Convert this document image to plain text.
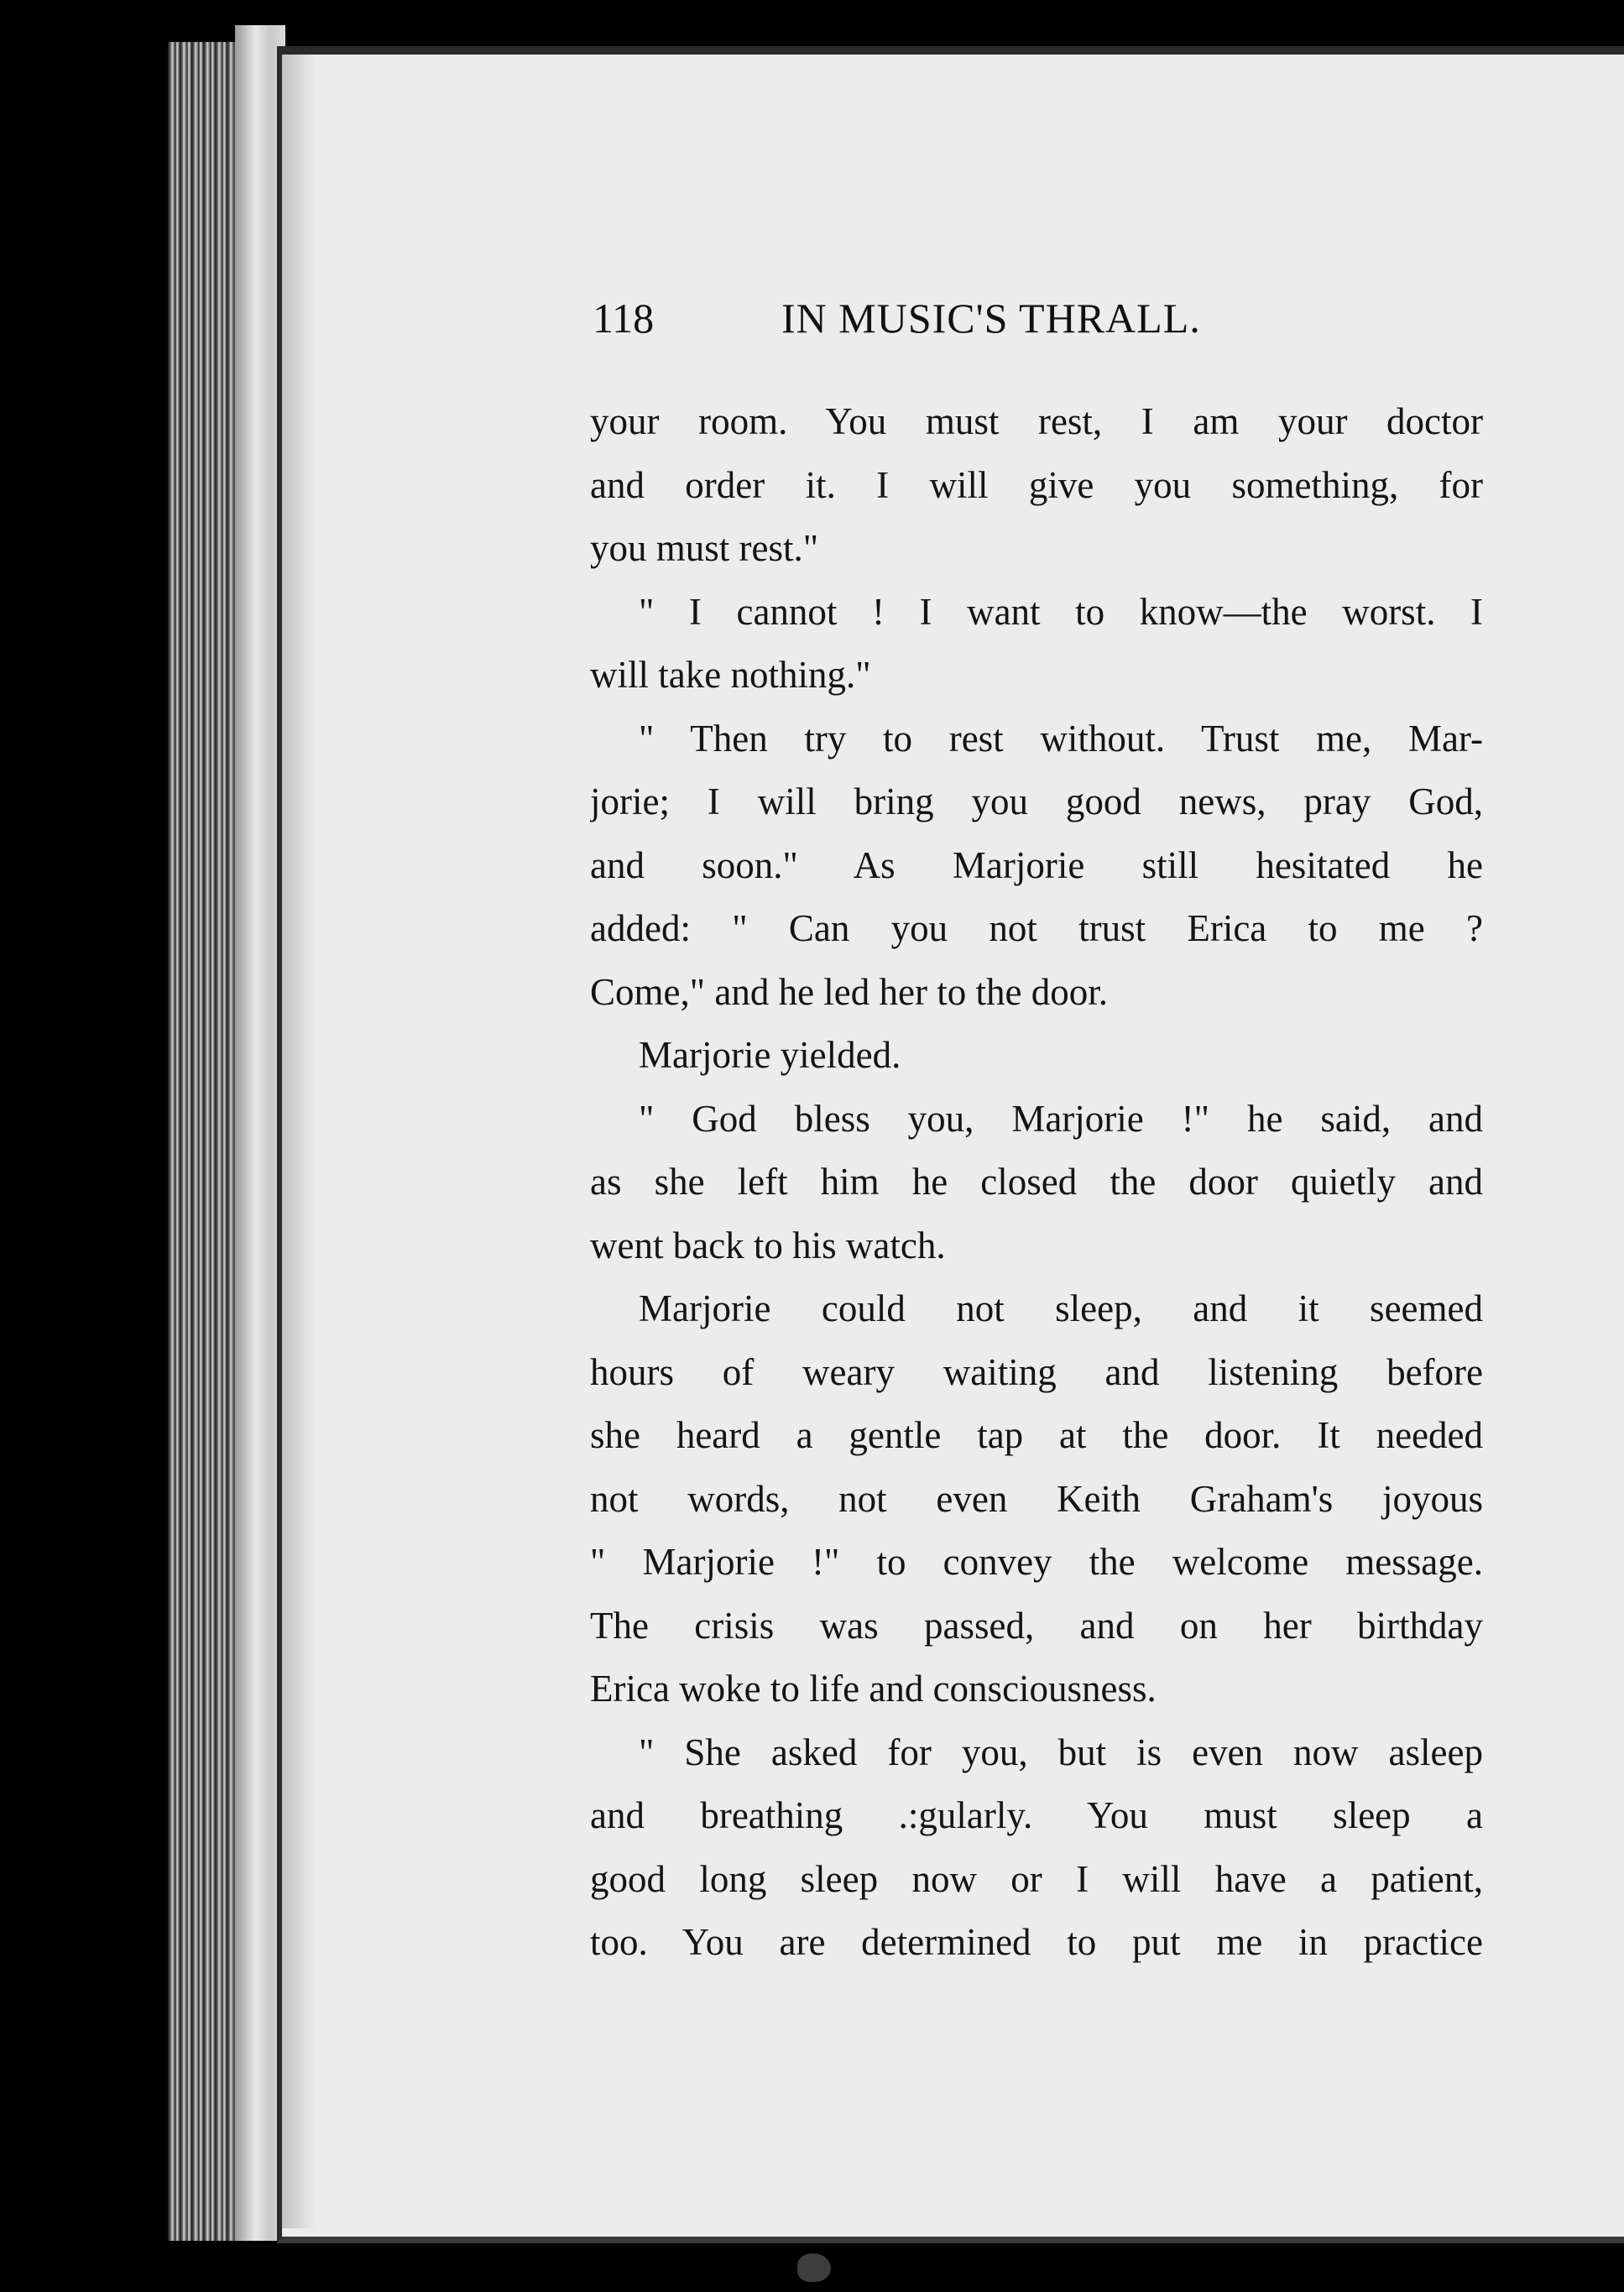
118	IN MUSIC'S THRALL.
your room. You must rest, I am your doctor
and order it. I will give you something, for
you must rest."
" I cannot ! I want to know—the worst. I
will take nothing."
" Then try to rest without. Trust me, Mar-
jorie; I will bring you good news, pray God,
and soon." As Marjorie still hesitated he
added: " Can you not trust Erica to me ?
Come," and he led her to the door.
Marjorie yielded.
" God bless you, Marjorie !" he said, and
as she left him he closed the door quietly and
went back to his watch.
Marjorie could not sleep, and it seemed
hours of weary waiting and listening before
she heard a gentle tap at the door. It needed
not words, not even Keith Graham's joyous
" Marjorie !" to convey the welcome message.
The crisis was passed, and on her birthday
Erica woke to life and consciousness.
" She asked for you, but is even now asleep
and breathing .:gularly. You must sleep a
good long sleep now or I will have a patient,
too. You are determined to put me in practice
